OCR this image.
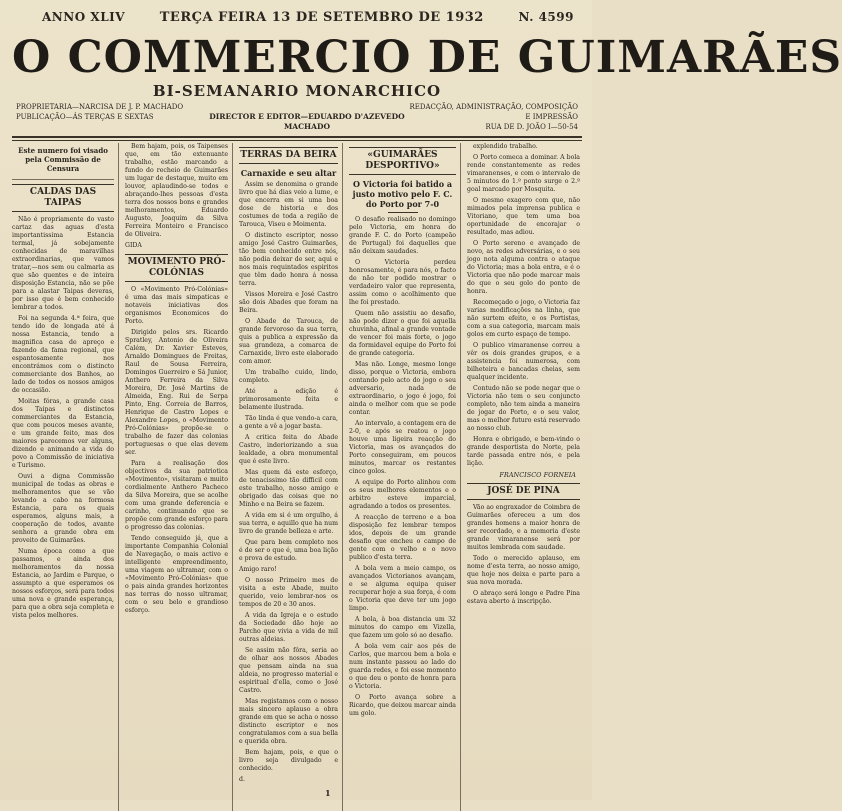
ANNO XLIV	TERÇA FEIRA 13 DE SETEMBRO DE 1932	N. 4599
O COMMERCIO DE GUIMARÃES
BI-SEMANARIO MONARCHICO
PROPRIETARIA—NARCISA DE J. P. MACHADO
PUBLICAÇÃO—ÁS TERÇAS E SEXTAS	DIRECTOR E EDITOR—EDUARDO D'AZEVEDO MACHADO
REDACÇÃO, ADMINISTRAÇÃO, COMPOSIÇÃO E IMPRESSÃO
RUA DE D. JOÃO I—50-54
Este numero foi visado pela Commissão de Censura
CALDAS DAS TAIPAS

Não é propriamente do vasto cartaz das aguas d'esta importantissima Estancia termal, já sobejamente conhecidas de maravilhas extraordinarias, que vamos tratar,—nos sem ou calmaria as que são quentes e de inteira disposição Estancia, não se põe para a alastar Taipas deveras, por isso que é bem conhecido lembrar a todos.

Foi na segunda 4.ª feira, que tendo ido de longada até á nossa Estancia, tendo a magnifica casa de apreço e fazendo da fama regional, que espantosamente nos encontrámos com o distincto commerciante dos Banhos, ao lado de todos os nossos amigos de occasião.

Moitas fóras, a grande casa dos Taipas e distinctos commerciantes da Estancia, que com poucos meses avante, e um grande feito, mas dos maiores parecemos ver alguns, dizendo e animando a vida do povo a Commissão de iniciativa e Turismo.

Ouvi a digna Commissão municipal de todas as obras e melhoramentos que se vão levando a cabo na formosa Estancia, para os quais esperamos, alguns mais, a cooperação de todos, avante senhora a grande obra em proveito de Guimarães.

Numa época como a que passamos, e ainda dos melhoramentos da nossa Estancia, ao Jardim e Parque, o assumpto a que esperamos os nossos esforços, será para todos uma nova e grande esperança, para que a obra seja completa e vista pelos melhores.

Bem hajam, pois, os Taipenses que, em tão extenuante trabalho, estão marcando a fundo do recheio de Guimarães um lugar de destaque, muito em louvor, aplaudindo-se todos e abraçando-lhes pessoas d'esta terra dos nossos bons e grandes melhoramentos, Eduardo Augusto, Joaquim da Silva Ferreira Monteiro e Francisco de Oliveira.

GIDA

MOVIMENTO PRÓ-COLÓNIAS

O «Movimento Pró-Colónias» é uma das mais simpaticas e notaveis iniciativas dos organismos Economicos do Porto.

Dirigido pelos srs. Ricardo Spratley, Antonio de Oliveira Calém, Dr. Xavier Esteves, Arnaldo Domingues de Freitas, Raul de Sousa Ferreira, Domingos Guerreiro e Sá Junior, Anthero Ferreira da Silva Moreira, Dr. José Martins de Almeida, Eng. Rui de Serpa Pinto, Eng. Correia de Barros, Henrique de Castro Lopes e Alexandre Lopes, o «Movimento Pró-Colónias» propõe-se o trabalho de fazer das colonias portuguesas o que elas devem ser.

Para a realisação dos objectivos da sua patriotica «Movimento», visitaram e muito cordialmente Anthero Pacheco da Silva Moreira, que se acolhe com uma grande deferencia e carinho, continuando que se propõe com grande esforço para o progresso das colonias.

Tendo conseguido já, que a importante Companhia Colonial de Navegação, o mais activo e intelligente empreendimento, uma viagem ao ultramar, com o «Movimento Pró-Colónias» que o pais ainda grandes horizontes nas terras do nosso ultramar, com o seu belo e grandioso esforço.

TERRAS DA BEIRA
Carnaxide e seu altar

Assim se denomina o grande livro que há dias veio a lume, e que encerra em si uma boa dose de historia e dos costumes de toda a região de Tarouca, Viseu e Moimenta.

O distincto escriptor, nosso amigo José Castro Guimarães, tão bem conhecido entre nós, não podia deixar de ser, aqui e nos mais requintados espiritos que têm dado honra á nossa terra.

Vissos Moreira e José Castro são dois Abades que foram na Beira.

O Abade de Tarouca, de grande fervoroso da sua terra, quis a publica a expressão da sua grandeza, a comarca de Carnaxide, livro este elaborado com amor.

Um trabalho cuido, lindo, completo.

Até a edição é primorosamente feita e belamente ilustrada.

Tão linda é que vendo-a cara, a gente a vê a jogar basta.

A critica feita do Abade Castro, inderiorizando a sua lealdade, a obra monumental que é este livro.

Mas quem dá este esforço, de tenacissimo tão difficil com este trabalho, nosso amigo e obrigado das coisas que no Minho e na Beira se fazem.

A vida em si é um orgulho, á sua terra, e aquillo que ha num livro de grande belleza e arte.

Que para bem completo nos é de ser o que é, uma boa lição e prova de estudo.

Amigo raro!

O nosso Primeiro mes de visita a este Abade, muito querido, veio lembrar-nos os tempos de 20 e 30 anos.

A vida da Igreja e o estudo da Sociedade dão hoje ao Parcho que vivia a vida de mil outras aldeias.

Se assim não fôra, seria ao de olhar aos nossos Abades que pensam ainda na sua aldeia, no progresso material e espiritual d'ella, como o José Castro.

Mas registamos com o nosso mais sincero aplauso a obra grande em que se acha o nosso distincto escriptor e nos congratulamos com a sua bella e querida obra.

Bem hajam, pois, e que o livro seja divulgado e conhecido.

d.

«GUIMARÃES DESPORTIVO»
O Victoria foi batido a justo motivo pelo F. C. do Porto por 7-0

O desafio realisado no domingo pelo Victoria, em honra do grande F. C. do Porto (campeão de Portugal) foi daquelles que não deixam saudades.

O Victoria perdeu honrosamente, é para nós, o facto de não ter podido mostrar o verdadeiro valor que representa, assim como o acolhimento que lhe foi prestado.

Quem não assistiu ao desafio, não pode dizer o que foi aquella chuvinha, afinal a grande vontade de vencer foi mais forte, o jogo da formidavel equipe do Porto foi de grande categoria.

Mas não. Longe, mesmo longe disso, porque o Victoria, embora contando pelo acto do jogo o seu adversario, nada de extraordinario, o jogo é jogo, foi ainda o melhor com que se pode contar.

Ao intervalo, a contagem era de 2-0, e após se reatou o jogo houve uma ligeira reacção do Victoria, mas os avançados do Porto conseguiram, em poucos minutos, marcar os restantes cinco golos.

A equipe do Porto alinhou com os seus melhores elementos e o arbitro esteve imparcial, agradando a todos os presentes.

A reacção de terreno e a boa disposição fez lembrar tempos idos, depois de um grande desafio que encheu o campo de gente com o velho e o novo publico d'esta terra.

A bola vem a meio campo, os avançados Victorianos avançam, e se alguma equipa quiser recuperar hoje a sua força, é com o Victoria que deve ter um jogo limpo.

A bola, à boa distancia um 32 minutos do campo em Vizella, que fazem um golo só ao desafio.

A bola vem cair aos pés de Carlos, que marcou bem a bola e num instante passou ao lado do guarda redes, e foi esse momento o que deu o ponto de honra para o Victoria.

O Porto avança sobre a Ricardo, que deixou marcar ainda um golo.

explendido trabalho.

O Porto comeca a dominar. A bola rende constantemente as redes vimaranenses, e com o intervalo de 5 minutos do 1.º ponto surge o 2.º goal marcado por Mosquita.

O mesmo exagero com que, não mimados pela imprensa publica e Vitoriano, que tem uma boa oportunidade de encorajar o resultado, mas adiou.

O Porto sereno e avançado de novo, as redes adversárias, e o seu jogo nota alguma contra o ataque do Victoria; mas a bola entra, e é o Victoria que não pode marcar mais do que o seu golo do ponto de honra.

Recomeçado o jogo, o Victoria faz varias modificações na linha, que não surtem efeito, e os Portistas, com a sua categoria, marcam mais golos em curto espaço de tempo.

O publico vimaranense correu a vêr os dois grandes grupos, e a assistencia foi numerosa, com bilheteira e bancadas cheias, sem qualquer incidente.

Contudo não se pode negar que o Victoria não tem o seu conjuncto completo, não tem ainda a maneira de jogar do Porto, e o seu valor, mas o melhor futuro está reservado ao nosso club.

Honra e obrigado, e bem-vindo o grande desportista do Norte, pela tarde passada entre nós, e pela lição.

FRANCISCO FORNEIA
JOSÉ DE PINA

Vão ao engraxador de Coimbra de Guimarães ofereceu a um dos grandes homens a maior honra de ser recordado, e a memoria d'este grande vimaranense será por muitos lembrada com saudade.

Todo o merecido aplauso, em nome d'esta terra, ao nosso amigo, que hoje nos deixa e parte para a sua nova morada.

O abraço será longo e Padre Pina estava aberto á inscripção.

1
